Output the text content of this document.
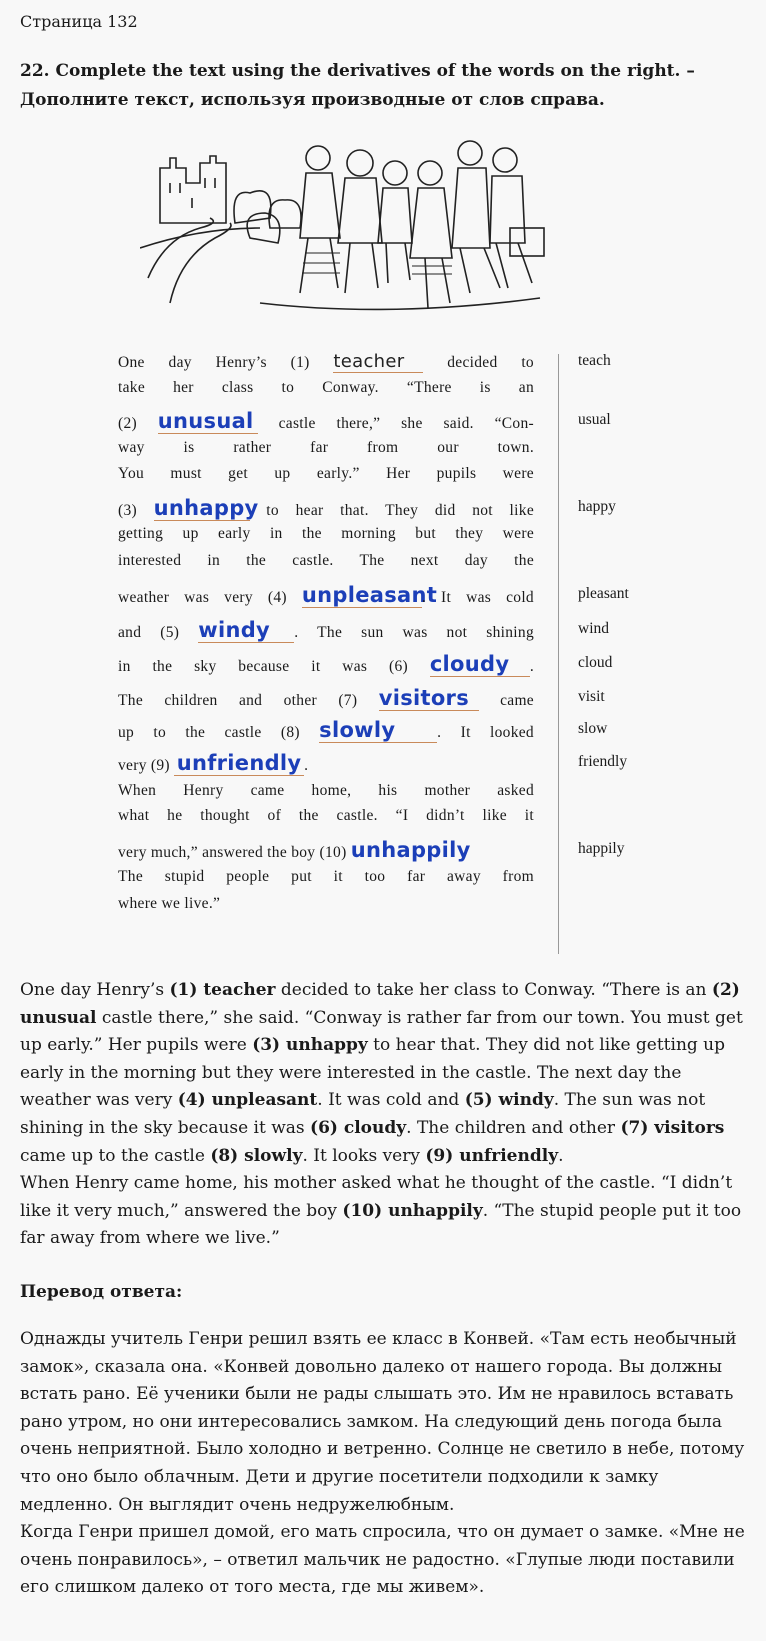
Страница 132
22. Complete the text using the derivatives of the words on the right. –
Дополните текст, используя производные от слов справа.
One day Henry’s (1) teacher decided to
take her class to Conway. “There is an
(2) unusual castle there,” she said. “Con-
way is rather far from our town.
You must get up early.” Her pupils were
(3) unhappy to hear that. They did not like
getting up early in the morning but they were
interested in the castle. The next day the
weather was very (4) unpleasant. It was cold
and (5) windy . The sun was not shining
in the sky because it was (6) cloudy .
The children and other (7) visitors came
up to the castle (8) slowly	. It looked
very (9) unfriendly .
When Henry came home, his mother asked
what he thought of the castle. “I didn’t like it
very much,” answered the boy (10) unhappily
The stupid people put it too far away from
where we live.”
teach
usual
happy
pleasant
wind
cloud
visit
slow
friendly
happily

One day Henry’s (1) teacher decided to take her class to Conway. “There is an (2) unusual castle there,” she said. “Conway is rather far from our town. You must get up early.” Her pupils were (3) unhappy to hear that. They did not like getting up early in the morning but they were interested in the castle. The next day the weather was very (4) unpleasant. It was cold and (5) windy. The sun was not shining in the sky because it was (6) cloudy. The children and other (7) visitors came up to the castle (8) slowly. It looks very (9) unfriendly.

When Henry came home, his mother asked what he thought of the castle. “I didn’t like it very much,” answered the boy (10) unhappily. “The stupid people put it too far away from where we live.”

Перевод ответа:

Однажды учитель Генри решил взять ее класс в Конвей. «Там есть необычный замок», сказала она. «Конвей довольно далеко от нашего города. Вы должны встать рано. Её ученики были не рады слышать это. Им не нравилось вставать рано утром, но они интересовались замком. На следующий день погода была очень неприятной. Было холодно и ветренно. Солнце не светило в небе, потому что оно было облачным. Дети и другие посетители подходили к замку медленно. Он выглядит очень недружелюбным.

Когда Генри пришел домой, его мать спросила, что он думает о замке. «Мне не очень понравилось», – ответил мальчик не радостно. «Глупые люди поставили его слишком далеко от того места, где мы живем».
